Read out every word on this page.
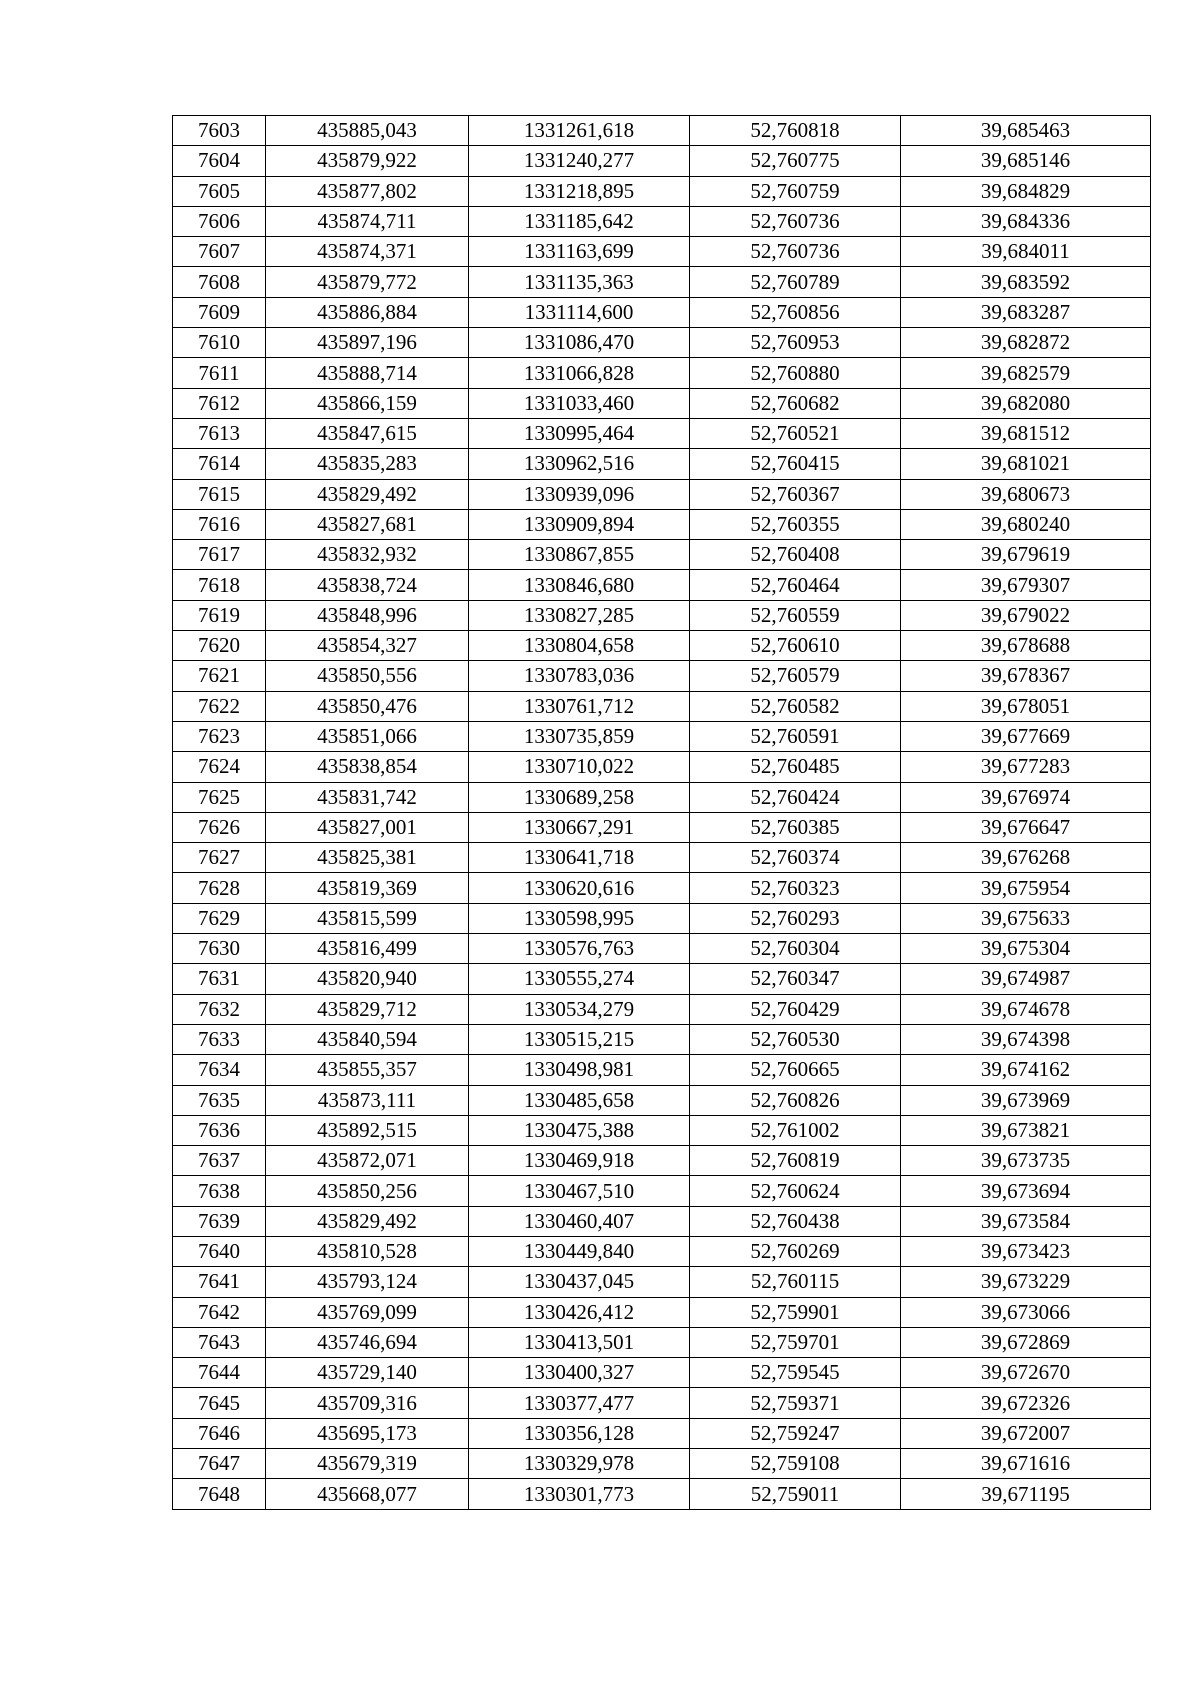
7603	435885,043	1331261,618	52,760818	39,685463
7604	435879,922	1331240,277	52,760775	39,685146
7605	435877,802	1331218,895	52,760759	39,684829
7606	435874,711	1331185,642	52,760736	39,684336
7607	435874,371	1331163,699	52,760736	39,684011
7608	435879,772	1331135,363	52,760789	39,683592
7609	435886,884	1331114,600	52,760856	39,683287
7610	435897,196	1331086,470	52,760953	39,682872
7611	435888,714	1331066,828	52,760880	39,682579
7612	435866,159	1331033,460	52,760682	39,682080
7613	435847,615	1330995,464	52,760521	39,681512
7614	435835,283	1330962,516	52,760415	39,681021
7615	435829,492	1330939,096	52,760367	39,680673
7616	435827,681	1330909,894	52,760355	39,680240
7617	435832,932	1330867,855	52,760408	39,679619
7618	435838,724	1330846,680	52,760464	39,679307
7619	435848,996	1330827,285	52,760559	39,679022
7620	435854,327	1330804,658	52,760610	39,678688
7621	435850,556	1330783,036	52,760579	39,678367
7622	435850,476	1330761,712	52,760582	39,678051
7623	435851,066	1330735,859	52,760591	39,677669
7624	435838,854	1330710,022	52,760485	39,677283
7625	435831,742	1330689,258	52,760424	39,676974
7626	435827,001	1330667,291	52,760385	39,676647
7627	435825,381	1330641,718	52,760374	39,676268
7628	435819,369	1330620,616	52,760323	39,675954
7629	435815,599	1330598,995	52,760293	39,675633
7630	435816,499	1330576,763	52,760304	39,675304
7631	435820,940	1330555,274	52,760347	39,674987
7632	435829,712	1330534,279	52,760429	39,674678
7633	435840,594	1330515,215	52,760530	39,674398
7634	435855,357	1330498,981	52,760665	39,674162
7635	435873,111	1330485,658	52,760826	39,673969
7636	435892,515	1330475,388	52,761002	39,673821
7637	435872,071	1330469,918	52,760819	39,673735
7638	435850,256	1330467,510	52,760624	39,673694
7639	435829,492	1330460,407	52,760438	39,673584
7640	435810,528	1330449,840	52,760269	39,673423
7641	435793,124	1330437,045	52,760115	39,673229
7642	435769,099	1330426,412	52,759901	39,673066
7643	435746,694	1330413,501	52,759701	39,672869
7644	435729,140	1330400,327	52,759545	39,672670
7645	435709,316	1330377,477	52,759371	39,672326
7646	435695,173	1330356,128	52,759247	39,672007
7647	435679,319	1330329,978	52,759108	39,671616
7648	435668,077	1330301,773	52,759011	39,671195
